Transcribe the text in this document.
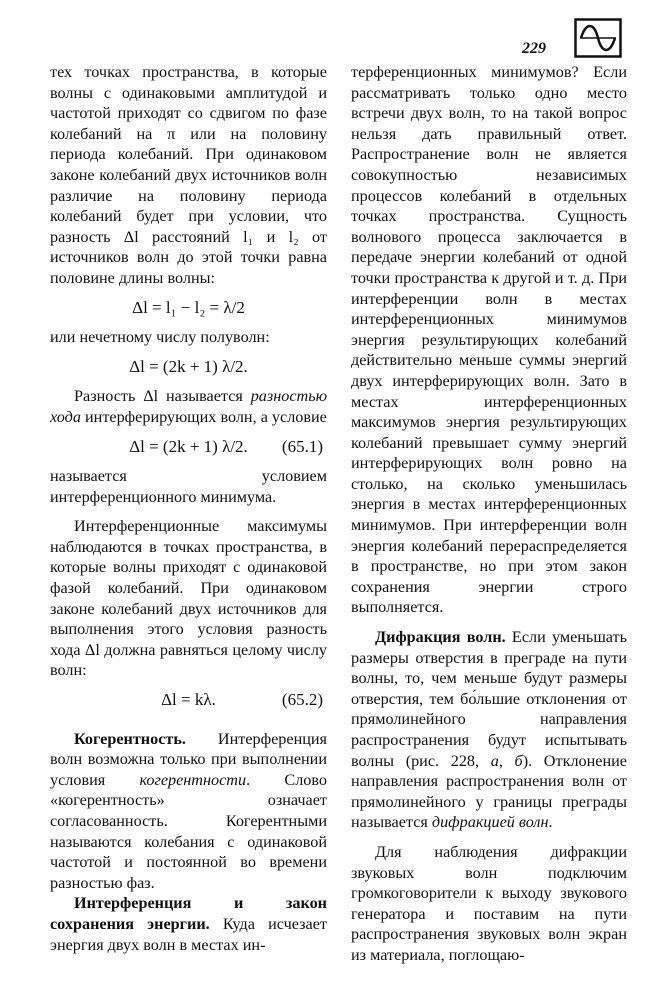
229

тех точках пространства, в которые волны с одинаковыми амплитудой и частотой приходят со сдвигом по фазе колебаний на π или на половину периода колебаний. При одинаковом законе колебаний двух источников волн различие на половину периода колебаний будет при условии, что разность Δl расстояний l₁ и l₂ от источников волн до этой точки равна половине длины волны:

Δl = l₁ − l₂ = λ/2

или нечетному числу полуволн:

Δl = (2k + 1) λ/2.

Разность Δl называется разностью хода интерферирующих волн, а условие

Δl = (2k + 1) λ/2. (65.1)

называется условием интерференционного минимума.

Интерференционные максимумы наблюдаются в точках пространства, в которые волны приходят с одинаковой фазой колебаний. При одинаковом законе колебаний двух источников для выполнения этого условия разность хода Δl должна равняться целому числу волн:

Δl = kλ.	(65.2)

Когерентность. Интерференция волн возможна только при выполнении условия когерентности. Слово «когерентность» означает согласованность. Когерентными называются колебания с одинаковой частотой и постоянной во времени разностью фаз.

Интерференция и закон сохранения энергии. Куда исчезает энергия двух волн в местах ин-

терференционных минимумов? Если рассматривать только одно место встречи двух волн, то на такой вопрос нельзя дать правильный ответ. Распространение волн не является совокупностью независимых процессов колебаний в отдельных точках пространства. Сущность волнового процесса заключается в передаче энергии колебаний от одной точки пространства к другой и т. д. При интерференции волн в местах интерференционных минимумов энергия результирующих колебаний действительно меньше суммы энергий двух интерферирующих волн. Зато в местах интерференционных максимумов энергия результирующих колебаний превышает сумму энергий интерферирующих волн ровно на столько, на сколько уменьшилась энергия в местах интерференционных минимумов. При интерференции волн энергия колебаний перераспределяется в пространстве, но при этом закон сохранения энергии строго выполняется.

Дифракция волн. Если уменьшать размеры отверстия в преграде на пути волны, то, чем меньше будут размеры отверстия, тем бо́льшие отклонения от прямолинейного направления распространения будут испытывать волны (рис. 228, а, б). Отклонение направления распространения волн от прямолинейного у границы преграды называется дифракцией волн.

Для наблюдения дифракции звуковых волн подключим громкоговорители к выходу звукового генератора и поставим на пути распространения звуковых волн экран из материала, поглощаю-
